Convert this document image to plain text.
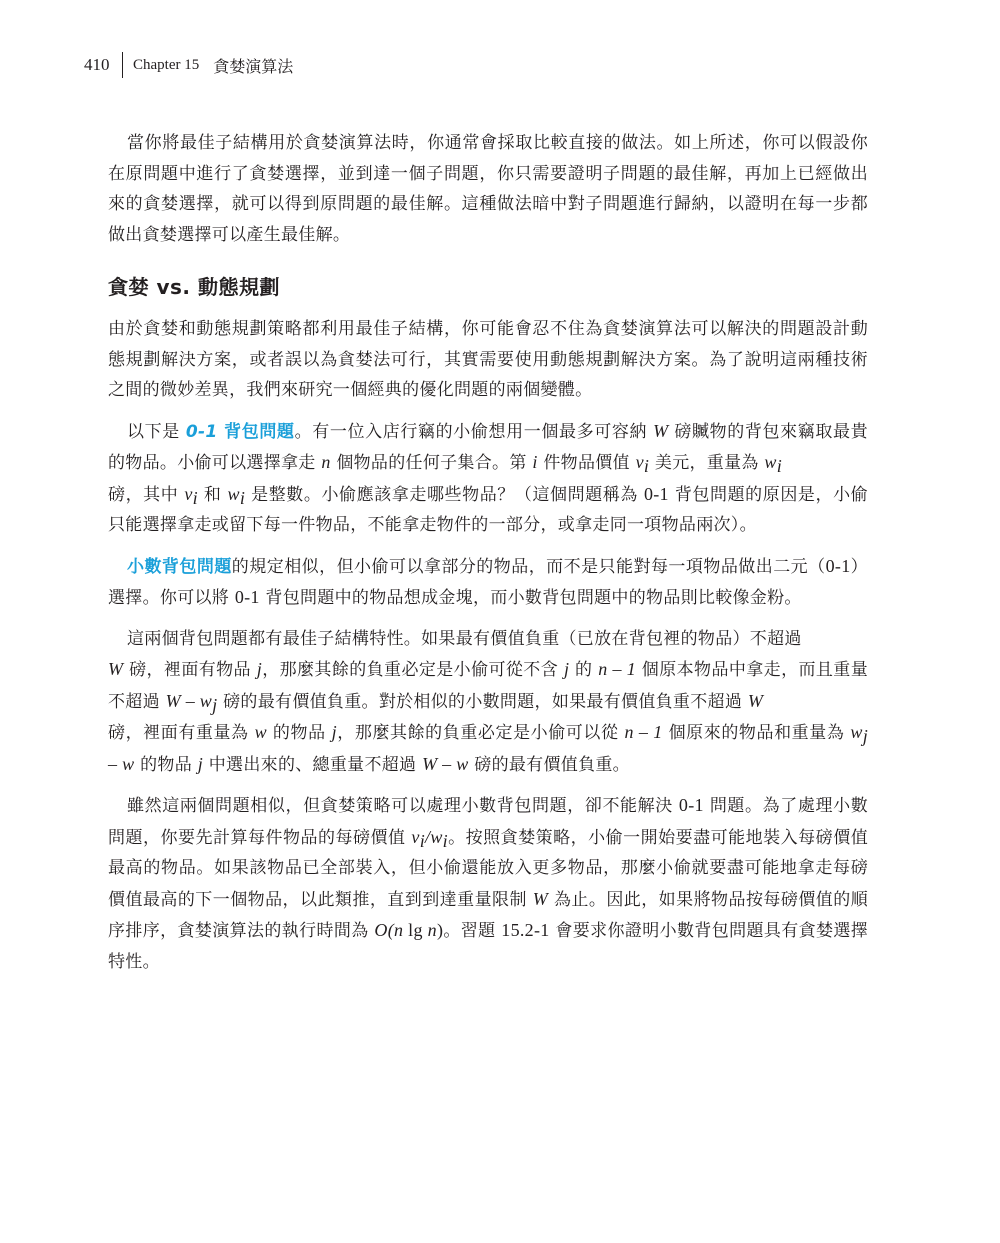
410 Chapter 15 貪婪演算法

當你將最佳子結構用於貪婪演算法時，你通常會採取比較直接的做法。如上所述，你可以假設你在原問題中進行了貪婪選擇，並到達一個子問題，你只需要證明子問題的最佳解，再加上已經做出來的貪婪選擇，就可以得到原問題的最佳解。這種做法暗中對子問題進行歸納，以證明在每一步都做出貪婪選擇可以產生最佳解。

貪婪 vs. 動態規劃

由於貪婪和動態規劃策略都利用最佳子結構，你可能會忍不住為貪婪演算法可以解決的問題設計動態規劃解決方案，或者誤以為貪婪法可行，其實需要使用動態規劃解決方案。為了說明這兩種技術之間的微妙差異，我們來研究一個經典的優化問題的兩個變體。

以下是 0-1 背包問題。有一位入店行竊的小偷想用一個最多可容納 W 磅贓物的背包來竊取最貴的物品。小偷可以選擇拿走 n 個物品的任何子集合。第 i 件物品價值 $v_i$ 美元，重量為 $w_i$
磅，其中 $v_i$ 和 $w_i$ 是整數。小偷應該拿走哪些物品？（這個問題稱為 0-1 背包問題的原因是，小偷只能選擇拿走或留下每一件物品，不能拿走物件的一部分，或拿走同一項物品兩次）。

小數背包問題的規定相似，但小偷可以拿部分的物品，而不是只能對每一項物品做出二元（0-1）選擇。你可以將 0-1 背包問題中的物品想成金塊，而小數背包問題中的物品則比較像金粉。

這兩個背包問題都有最佳子結構特性。如果最有價值負重（已放在背包裡的物品）不超過
W 磅，裡面有物品 j，那麼其餘的負重必定是小偷可從不含 j 的 n – 1 個原本物品中拿走，而且重量不超過 W – $w_j$ 磅的最有價值負重。對於相似的小數問題，如果最有價值負重不超過 W
磅，裡面有重量為 w 的物品 j，那麼其餘的負重必定是小偷可以從 n – 1 個原來的物品和重量為 $w_j$ – w 的物品 j 中選出來的、總重量不超過 W – w 磅的最有價值負重。

雖然這兩個問題相似，但貪婪策略可以處理小數背包問題，卻不能解決 0-1 問題。為了處理小數問題，你要先計算每件物品的每磅價值 $v_i/w_i$。按照貪婪策略，小偷一開始要盡可能地裝入每磅價值最高的物品。如果該物品已全部裝入，但小偷還能放入更多物品，那麼小偷就要盡可能地拿走每磅價值最高的下一個物品，以此類推，直到到達重量限制 W 為止。因此，如果將物品按每磅價值的順序排序，貪婪演算法的執行時間為 O(n lg n)。習題 15.2-1 會要求你證明小數背包問題具有貪婪選擇特性。
